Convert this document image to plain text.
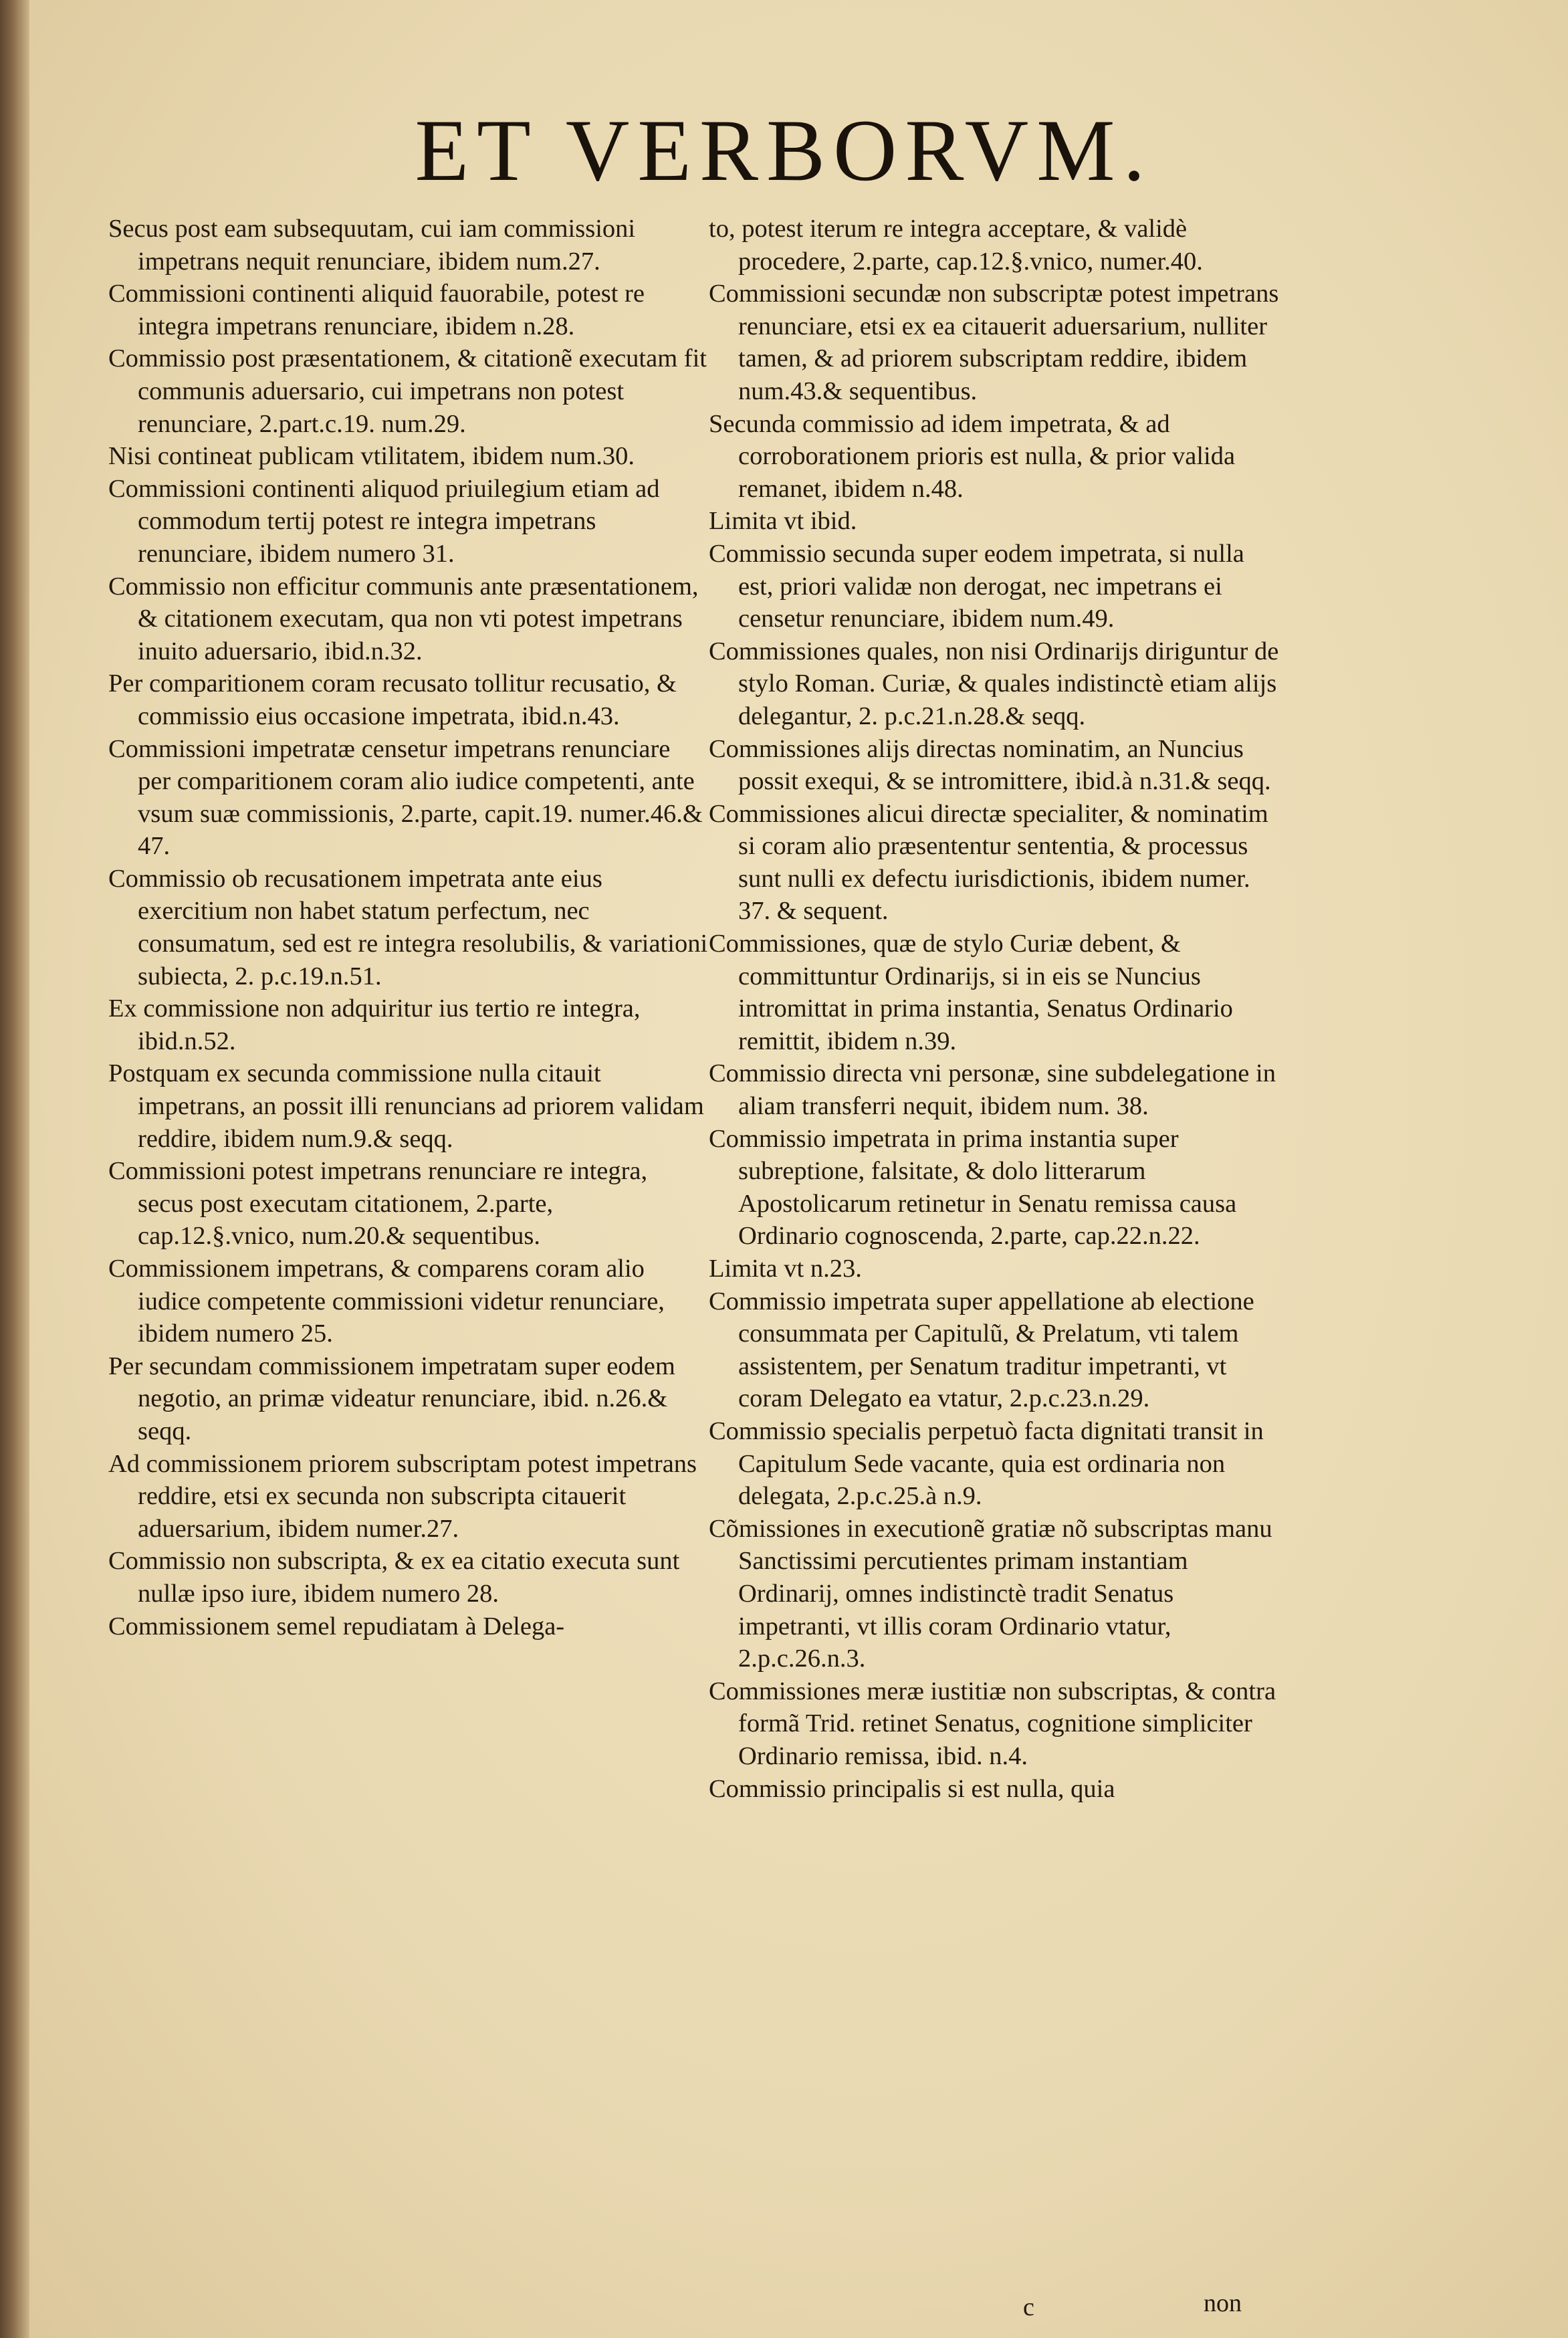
ET VERBORVM.

Secus post eam subsequutam, cui iam commissioni impetrans nequit renunciare, ibidem num.27.

Commissioni continenti aliquid fauorabile, potest re integra impetrans renunciare, ibidem n.28.

Commissio post præsentationem, & citationẽ executam fit communis aduersario, cui impetrans non potest renunciare, 2.part.c.19. num.29.

Nisi contineat publicam vtilitatem, ibidem num.30.

Commissioni continenti aliquod priuilegium etiam ad commodum tertij potest re integra impetrans renunciare, ibidem numero 31.

Commissio non efficitur communis ante præsentationem, & citationem executam, qua non vti potest impetrans inuito aduersario, ibid.n.32.

Per comparitionem coram recusato tollitur recusatio, & commissio eius occasione impetrata, ibid.n.43.

Commissioni impetratæ censetur impetrans renunciare per comparitionem coram alio iudice competenti, ante vsum suæ commissionis, 2.parte, capit.19. numer.46.& 47.

Commissio ob recusationem impetrata ante eius exercitium non habet statum perfectum, nec consumatum, sed est re integra resolubilis, & variationi subiecta, 2. p.c.19.n.51.

Ex commissione non adquiritur ius tertio re integra, ibid.n.52.

Postquam ex secunda commissione nulla citauit impetrans, an possit illi renuncians ad priorem validam reddire, ibidem num.9.& seqq.

Commissioni potest impetrans renunciare re integra, secus post executam citationem, 2.parte, cap.12.§.vnico, num.20.& sequentibus.

Commissionem impetrans, & comparens coram alio iudice competente commissioni videtur renunciare, ibidem numero 25.

Per secundam commissionem impetratam super eodem negotio, an primæ videatur renunciare, ibid. n.26.& seqq.

Ad commissionem priorem subscriptam potest impetrans reddire, etsi ex secunda non subscripta citauerit aduersarium, ibidem numer.27.

Commissio non subscripta, & ex ea citatio executa sunt nullæ ipso iure, ibidem numero 28.

Commissionem semel repudiatam à Delega-

to, potest iterum re integra acceptare, & validè procedere, 2.parte, cap.12.§.vnico, numer.40.

Commissioni secundæ non subscriptæ potest impetrans renunciare, etsi ex ea citauerit aduersarium, nulliter tamen, & ad priorem subscriptam reddire, ibidem num.43.& sequentibus.

Secunda commissio ad idem impetrata, & ad corroborationem prioris est nulla, & prior valida remanet, ibidem n.48.

Limita vt ibid.

Commissio secunda super eodem impetrata, si nulla est, priori validæ non derogat, nec impetrans ei censetur renunciare, ibidem num.49.

Commissiones quales, non nisi Ordinarijs diriguntur de stylo Roman. Curiæ, & quales indistinctè etiam alijs delegantur, 2. p.c.21.n.28.& seqq.

Commissiones alijs directas nominatim, an Nuncius possit exequi, & se intromittere, ibid.à n.31.& seqq.

Commissiones alicui directæ specialiter, & nominatim si coram alio præsententur sententia, & processus sunt nulli ex defectu iurisdictionis, ibidem numer. 37. & sequent.

Commissiones, quæ de stylo Curiæ debent, & committuntur Ordinarijs, si in eis se Nuncius intromittat in prima instantia, Senatus Ordinario remittit, ibidem n.39.

Commissio directa vni personæ, sine subdelegatione in aliam transferri nequit, ibidem num. 38.

Commissio impetrata in prima instantia super subreptione, falsitate, & dolo litterarum Apostolicarum retinetur in Senatu remissa causa Ordinario cognoscenda, 2.parte, cap.22.n.22.

Limita vt n.23.

Commissio impetrata super appellatione ab electione consummata per Capitulũ, & Prelatum, vti talem assistentem, per Senatum traditur impetranti, vt coram Delegato ea vtatur, 2.p.c.23.n.29.

Commissio specialis perpetuò facta dignitati transit in Capitulum Sede vacante, quia est ordinaria non delegata, 2.p.c.25.à n.9.

Cõmissiones in executionẽ gratiæ nõ subscriptas manu Sanctissimi percutientes primam instantiam Ordinarij, omnes indistinctè tradit Senatus impetranti, vt illis coram Ordinario vtatur, 2.p.c.26.n.3.

Commissiones meræ iustitiæ non subscriptas, & contra formã Trid. retinet Senatus, cognitione simpliciter Ordinario remissa, ibid. n.4.

Commissio principalis si est nulla, quia

c	non
